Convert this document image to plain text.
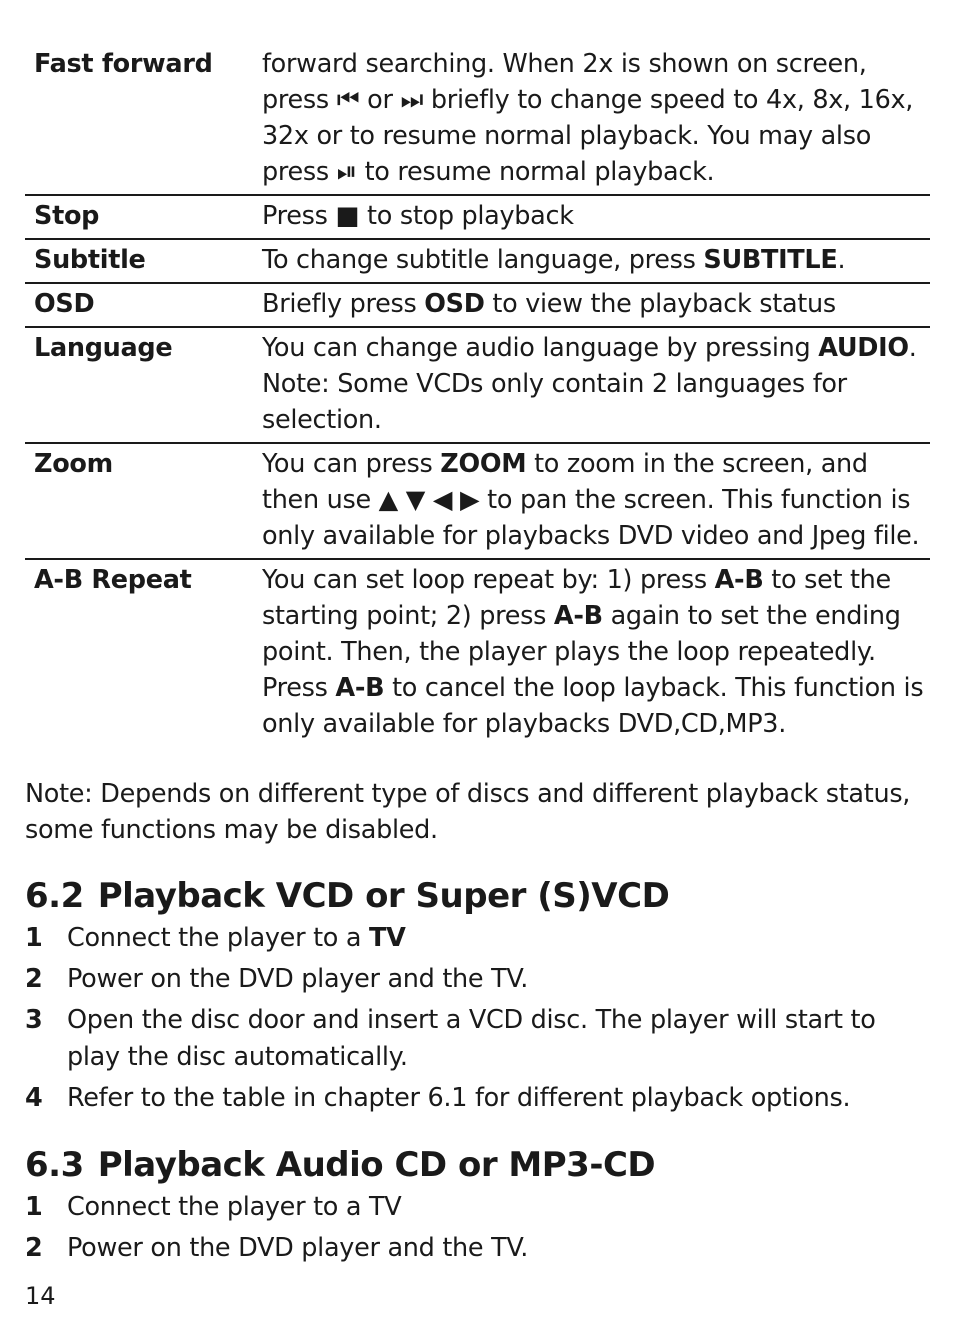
Fast forward	forward searching. When 2x is shown on screen, press ⏮ or ⏭ briefly to change speed to 4x, 8x, 16x, 32x or to resume normal playback. You may also press ⏯ to resume normal playback.
Stop	Press ■ to stop playback
Subtitle	To change subtitle language, press SUBTITLE.
OSD	Briefly press OSD to view the playback status
Language	You can change audio language by pressing AUDIO. Note: Some VCDs only contain 2 languages for selection.
Zoom	You can press ZOOM to zoom in the screen, and then use ▲ ▼ ◀ ▶ to pan the screen. This function is only available for playbacks DVD video and Jpeg file.
A-B Repeat	You can set loop repeat by: 1) press A-B to set the starting point; 2) press A-B again to set the ending point. Then, the player plays the loop repeatedly. Press A-B to cancel the loop layback. This function is only available for playbacks DVD,CD,MP3.
Note: Depends on different type of discs and different playback status, some functions may be disabled.
6.2 Playback VCD or Super (S)VCD
1 Connect the player to a TV
2 Power on the DVD player and the TV.
3 Open the disc door and insert a VCD disc. The player will start to play the disc automatically.
4 Refer to the table in chapter 6.1 for different playback options.
6.3 Playback Audio CD or MP3-CD
1 Connect the player to a TV
2 Power on the DVD player and the TV.
14
